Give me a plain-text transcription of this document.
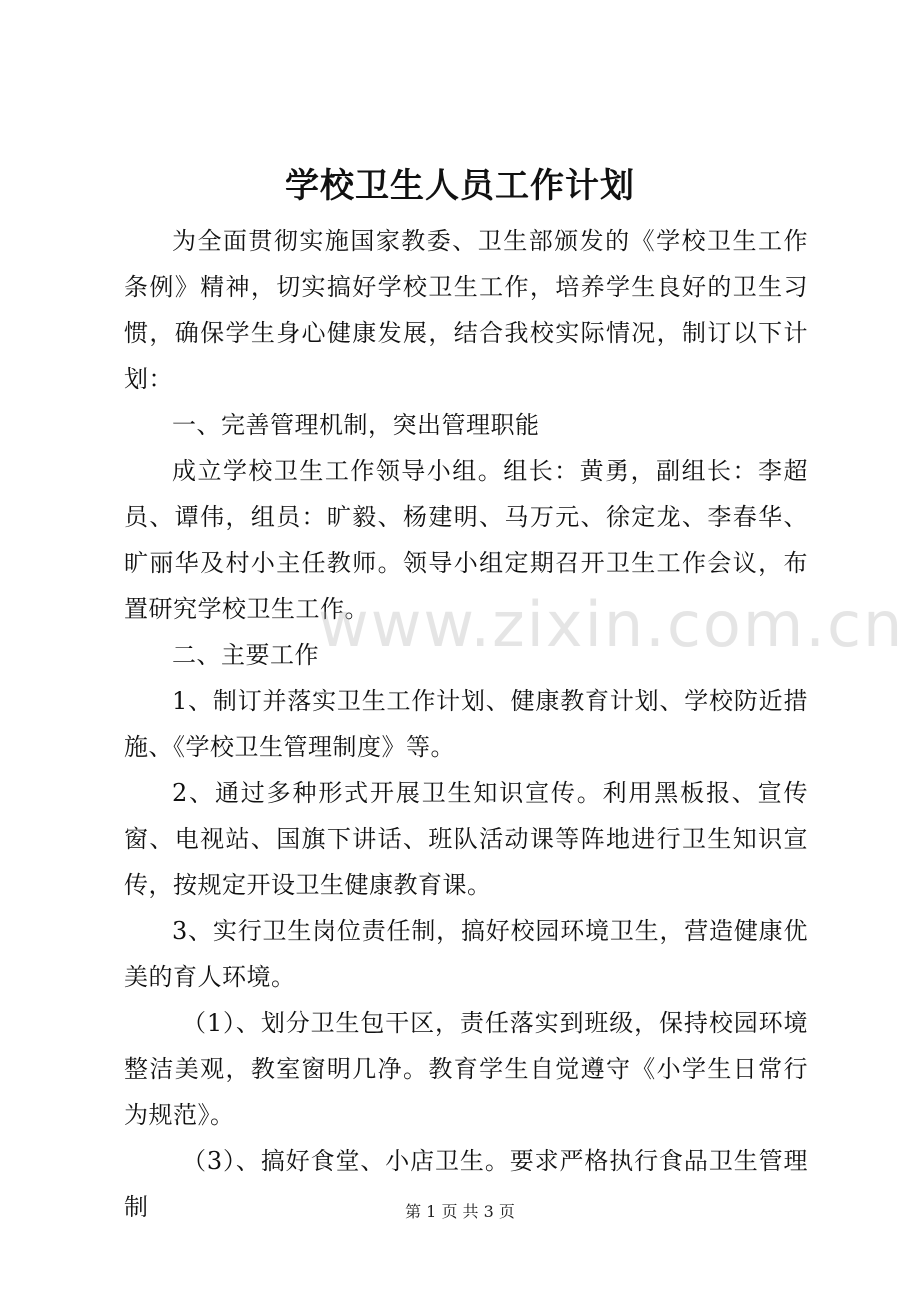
学校卫生人员工作计划

为全面贯彻实施国家教委、卫生部颁发的《学校卫生工作条例》精神，切实搞好学校卫生工作，培养学生良好的卫生习惯，确保学生身心健康发展，结合我校实际情况，制订以下计划：

一、完善管理机制，突出管理职能

成立学校卫生工作领导小组。组长：黄勇，副组长：李超员、谭伟，组员：旷毅、杨建明、马万元、徐定龙、李春华、旷丽华及村小主任教师。领导小组定期召开卫生工作会议，布置研究学校卫生工作。

二、主要工作

1、制订并落实卫生工作计划、健康教育计划、学校防近措施、《学校卫生管理制度》等。

2、通过多种形式开展卫生知识宣传。利用黑板报、宣传窗、电视站、国旗下讲话、班队活动课等阵地进行卫生知识宣传，按规定开设卫生健康教育课。

3、实行卫生岗位责任制，搞好校园环境卫生，营造健康优美的育人环境。

（1）、划分卫生包干区，责任落实到班级，保持校园环境整洁美观，教室窗明几净。教育学生自觉遵守《小学生日常行为规范》。

（3）、搞好食堂、小店卫生。要求严格执行食品卫生管理制

www.zixin.com.cn
第 1 页 共 3 页
